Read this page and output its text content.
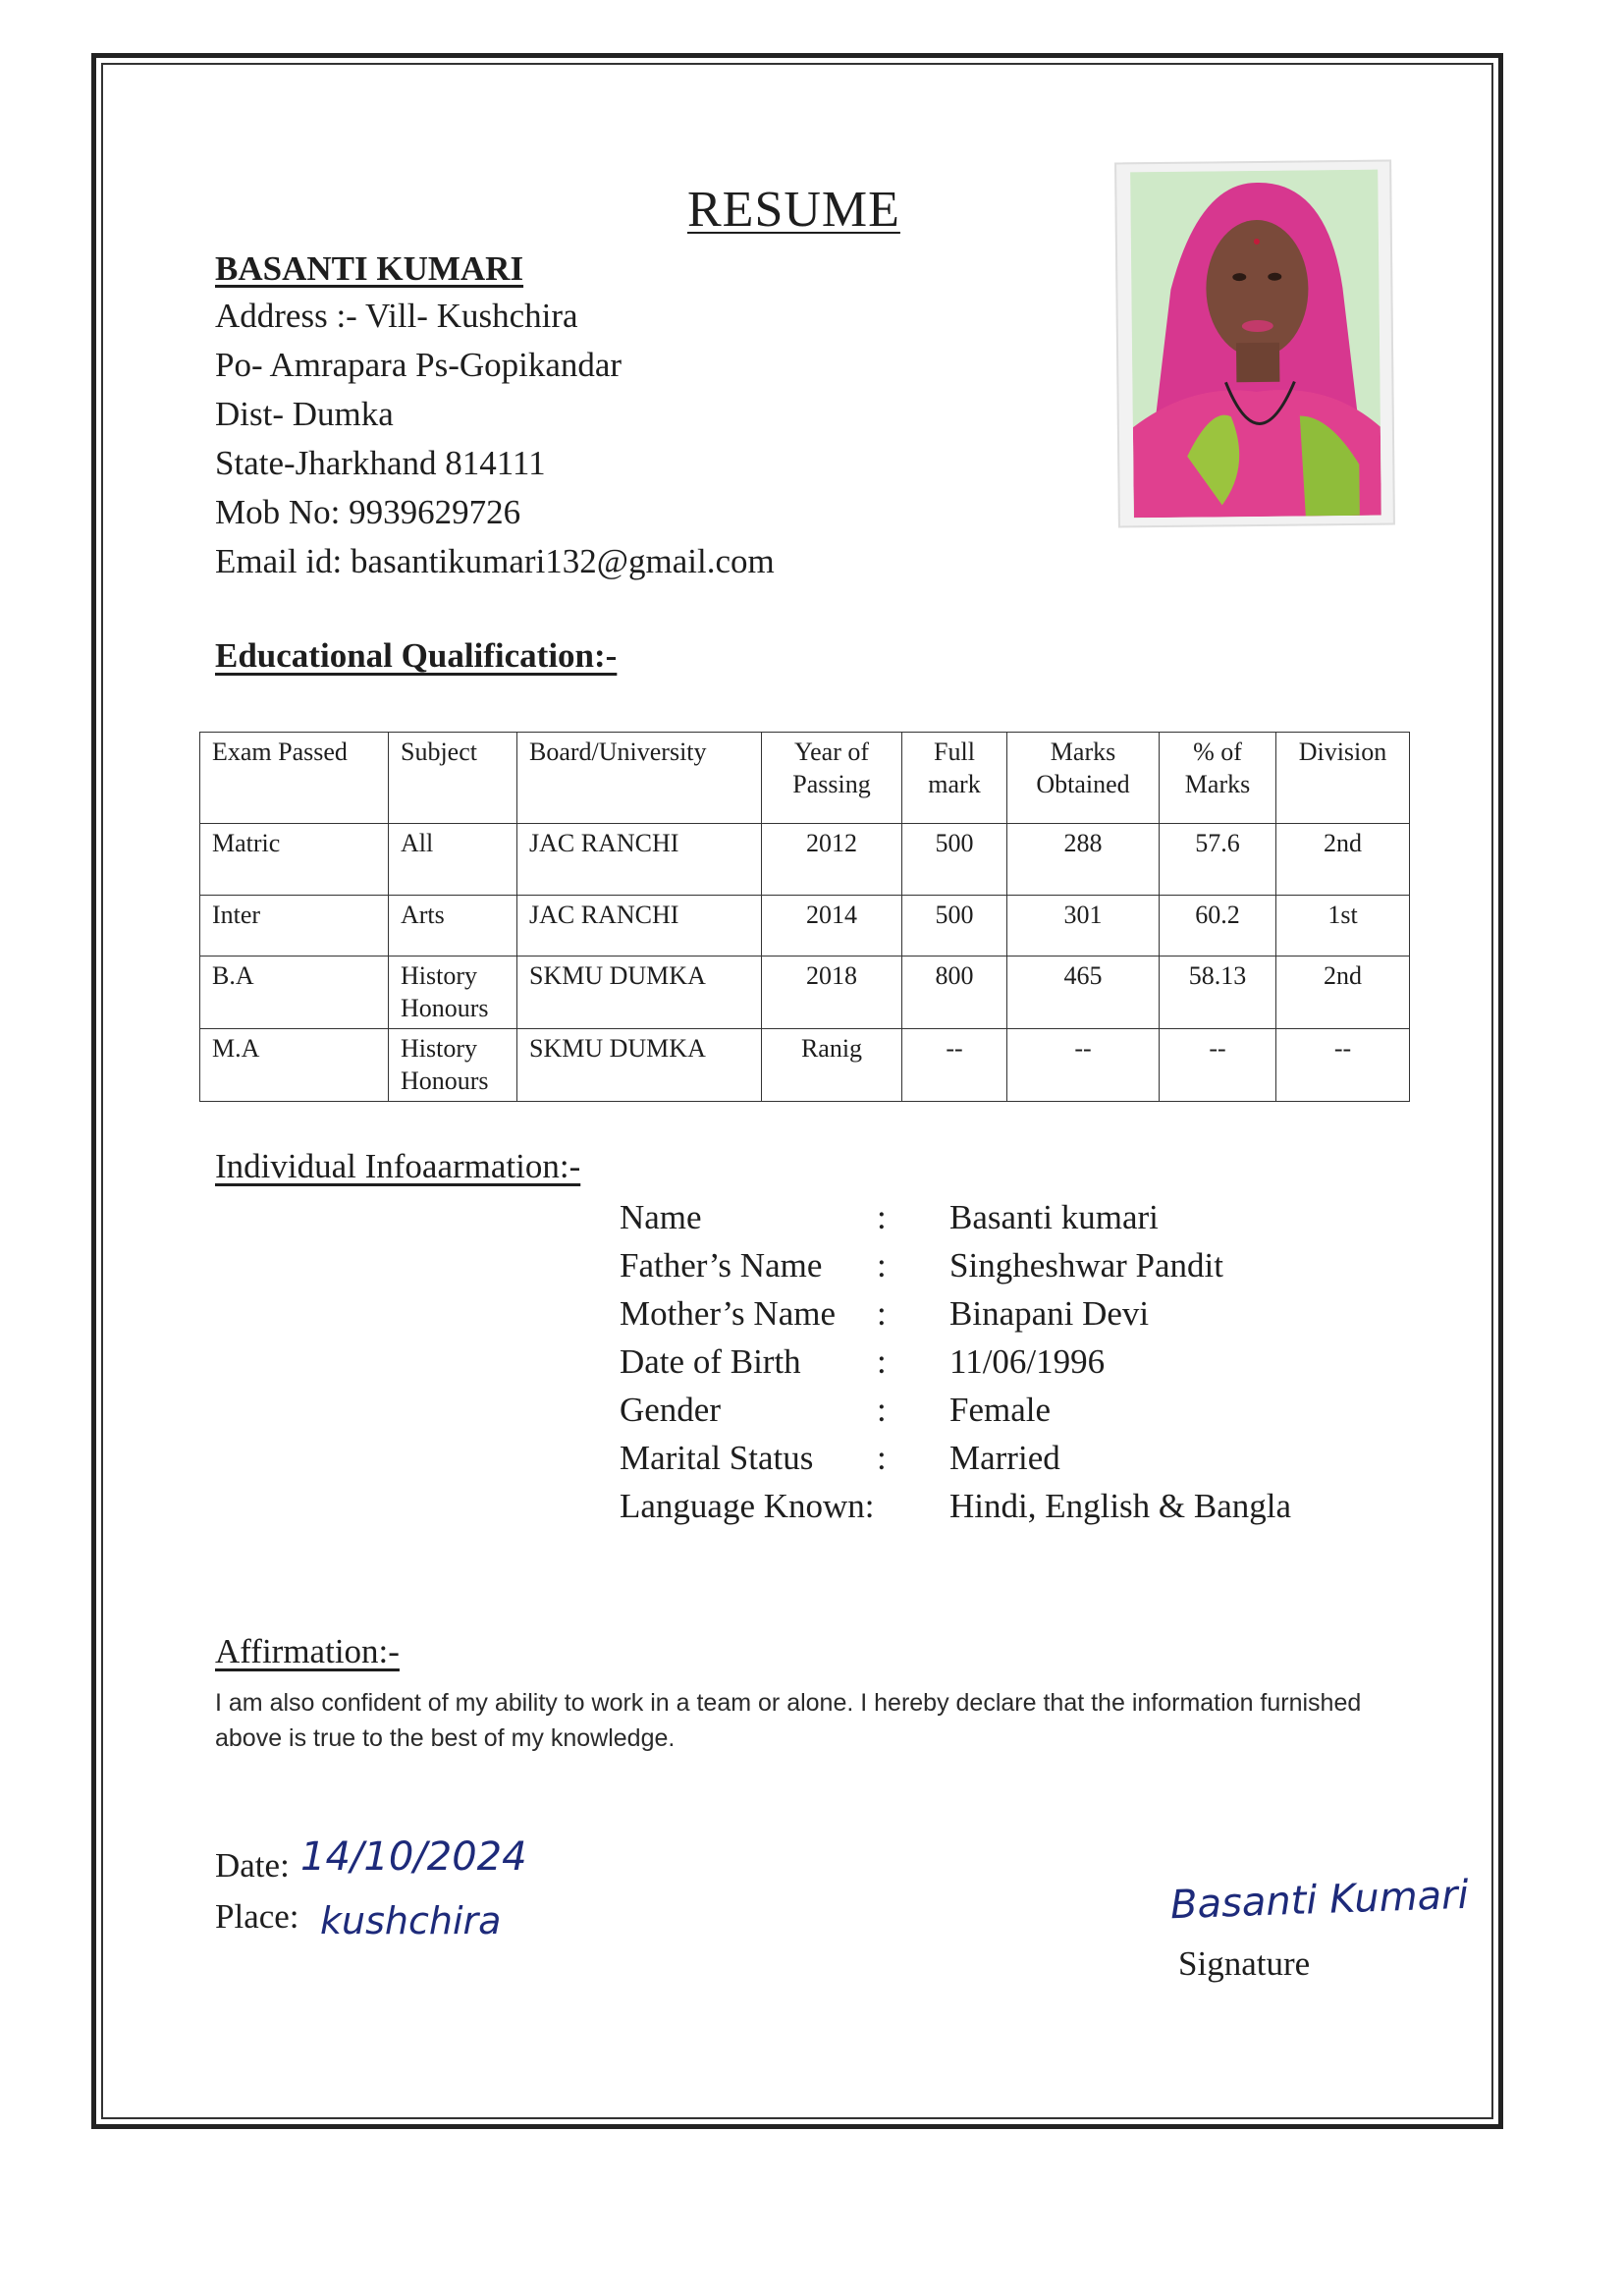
RESUME
BASANTI KUMARI
Address :- Vill- Kushchira
Po- Amrapara Ps-Gopikandar
Dist- Dumka
State-Jharkhand 814111
Mob No: 9939629726
Email id: basantikumari132@gmail.com
Educational Qualification:-
Exam Passed	Subject	Board/University	Year of Passing	Full mark	Marks Obtained	% of Marks	Division
Matric	All	JAC RANCHI	2012	500	288	57.6	2nd
Inter	Arts	JAC RANCHI	2014	500	301	60.2	1st
B.A	History Honours	SKMU DUMKA	2018	800	465	58.13	2nd
M.A	History Honours	SKMU DUMKA	Ranig	--	--	--	--
Individual Infoaarmation:-
Name	: Basanti kumari
Father’s Name : Singheshwar Pandit
Mother’s Name : Binapani Devi
Date of Birth : 11/06/1996
Gender	: Female
Marital Status : Married
Language Known: Hindi, English & Bangla
Affirmation:-
I am also confident of my ability to work in a team or alone. I hereby declare that the information furnished above is true to the best of my knowledge.
Date: 14/10/2024
Place: kushchira	Basanti Kumari
Signature
